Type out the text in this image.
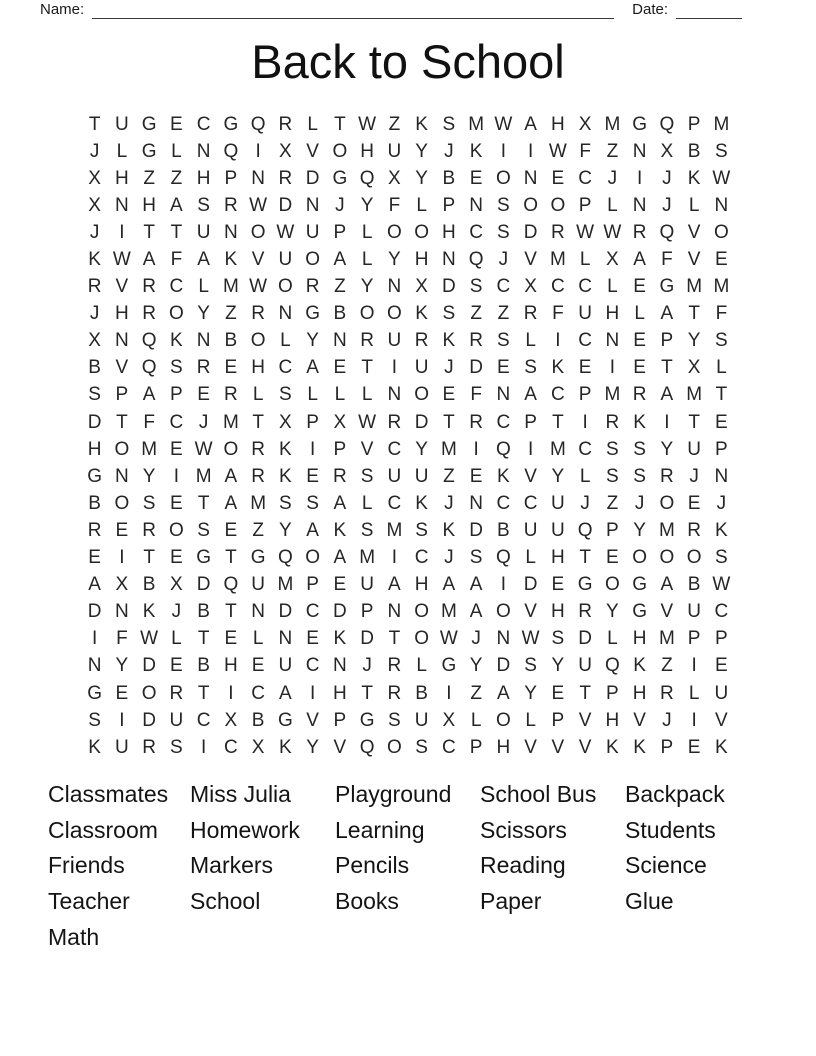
Name:	Date:
Back to School
T U G E C G Q R L T W Z K S M W A H X M G Q P M
J L G L N Q I X V O H U Y J K I	I W F Z N X B S
X H Z Z H P N R D G Q X Y B E O N E C J	I	J K W
X N H A S R W D N J Y F L P N S O O P L N J L N
J	I T T U N O W U P L O O H C S D R W W R Q V O
K W A F A K V U O A L Y H N Q J V M L X A F V E
R V R C L M W O R Z Y N X D S C X C C L E G M M
J H R O Y Z R N G B O O K S Z Z R F U H L A T F
X N Q K N B O L Y N R U R K R S L	I C N E P Y S
B V Q S R E H C A E T I U J D E S K E I E T X L
S P A P E R L S L L L N O E F N A C P M R A M T
D T F C J M T X P X W R D T R C P T I R K I T E
H O M E W O R K I P V C Y M I Q I M C S S Y U P
G N Y I M A R K E R S U U Z E K V Y L S S R J N
B O S E T A M S S A L C K J N C C U J Z J O E J
R E R O S E Z Y A K S M S K D B U U Q P Y M R K
E I T E G T G Q O A M I C J S Q L H T E O O O S
A X B X D Q U M P E U A H A A I D E G O G A B W
D N K J B T N D C D P N O M A O V H R Y G V U C
I F W L T E L N E K D T O W J N W S D L H M P P
N Y D E B H E U C N J R L G Y D S Y U Q K Z I E
G E O R T I C A I H T R B I Z A Y E T P H R L U
S I D U C X B G V P G S U X L O L P V H V J	I V
K U R S I C X K Y V Q O S C P H V V V K K P E K
Classmates
Classroom
Friends
Teacher
Math
Miss Julia
Homework
Markers
School
Playground
Learning
Pencils
Books
School Bus
Scissors
Reading
Paper
Backpack
Students
Science
Glue
